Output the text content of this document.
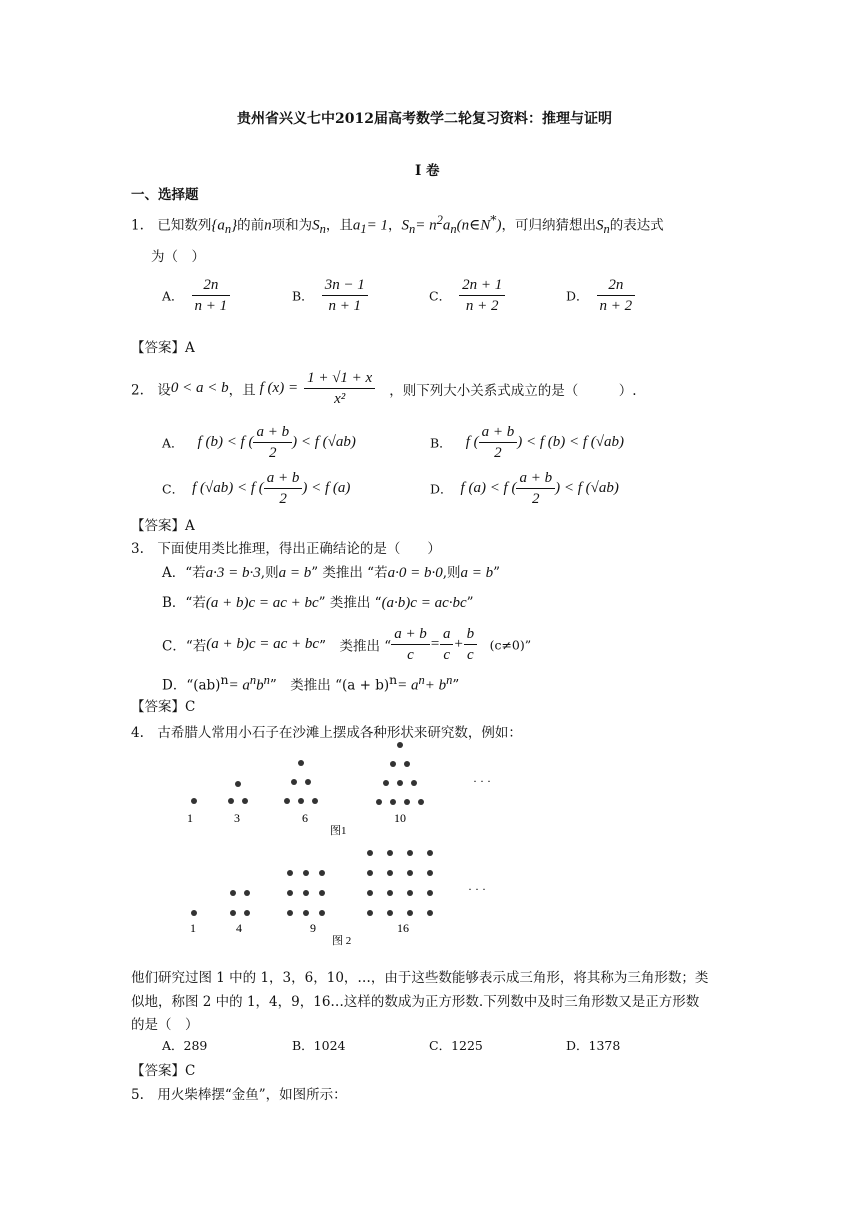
贵州省兴义七中2012届高考数学二轮复习资料：推理与证明
I 卷
一、选择题
1.　已知数列$\{a_n\}$的前n项和为$S_n$，且$a_1= 1$，$S_n=$ $n^2a_n(n\in N^*)$，可归纳猜想出$S_n$的表达式
为（　）
A． $\frac{2n}{n + 1}$	B． $\frac{3n - 1}{n + 1}$	C． $\frac{2n + 1}{n + 2}$	D． $\frac{2n}{n + 2}$
【答案】A
2.　设0 < a < b，且 f $(x) = \frac{1 + √1 + x}{\text{x²}}$ ，则下列大小关系式成立的是（　　　）.
A． f (b) < f ( $\frac{a + b}{2}$ ) < f (√ab)	B． f ( $\frac{a + b}{2}$ ) < f (b) < f (√ab)
C． f (√ab) < f ( $\frac{a + b}{2}$ ) < f (a)	D． f (a) < f ( $\frac{a + b}{2}$ ) < f (√ab)
【答案】A
3.　下面使用类比推理，得出正确结论的是（　　）
A．“若a·3 = b·3,则a = b” 类推出 “若a·0 = b·0,则a = b”
B．“若(a + b)c = ac + bc” 类推出 “(a·b)c = ac·bc”
C．“若(a + b)c = ac + bc”　类推出 “ $\frac{a + b}{c} = \frac{a}{c} + \frac{b}{c}$ 　(c≠0)”
D．“$(ab)^n= a^nb^n$”　类推出 “$(a + b)^n= a^n+ b^n$”
【答案】C
4.　古希腊人常用小石子在沙滩上摆成各种形状来研究数，例如：
· · ·
1	3	6	10
图1
· · ·
1	4	9	16
图 2
他们研究过图 1 中的 1，3，6，10，…，由于这些数能够表示成三角形，将其称为三角形数；类
似地，称图 2 中的 1，4，9，16…这样的数成为正方形数.下列数中及时三角形数又是正方形数
的是（　）
A．289	B．1024	C．1225	D．1378
【答案】C
5.　用火柴棒摆“金鱼”，如图所示：
